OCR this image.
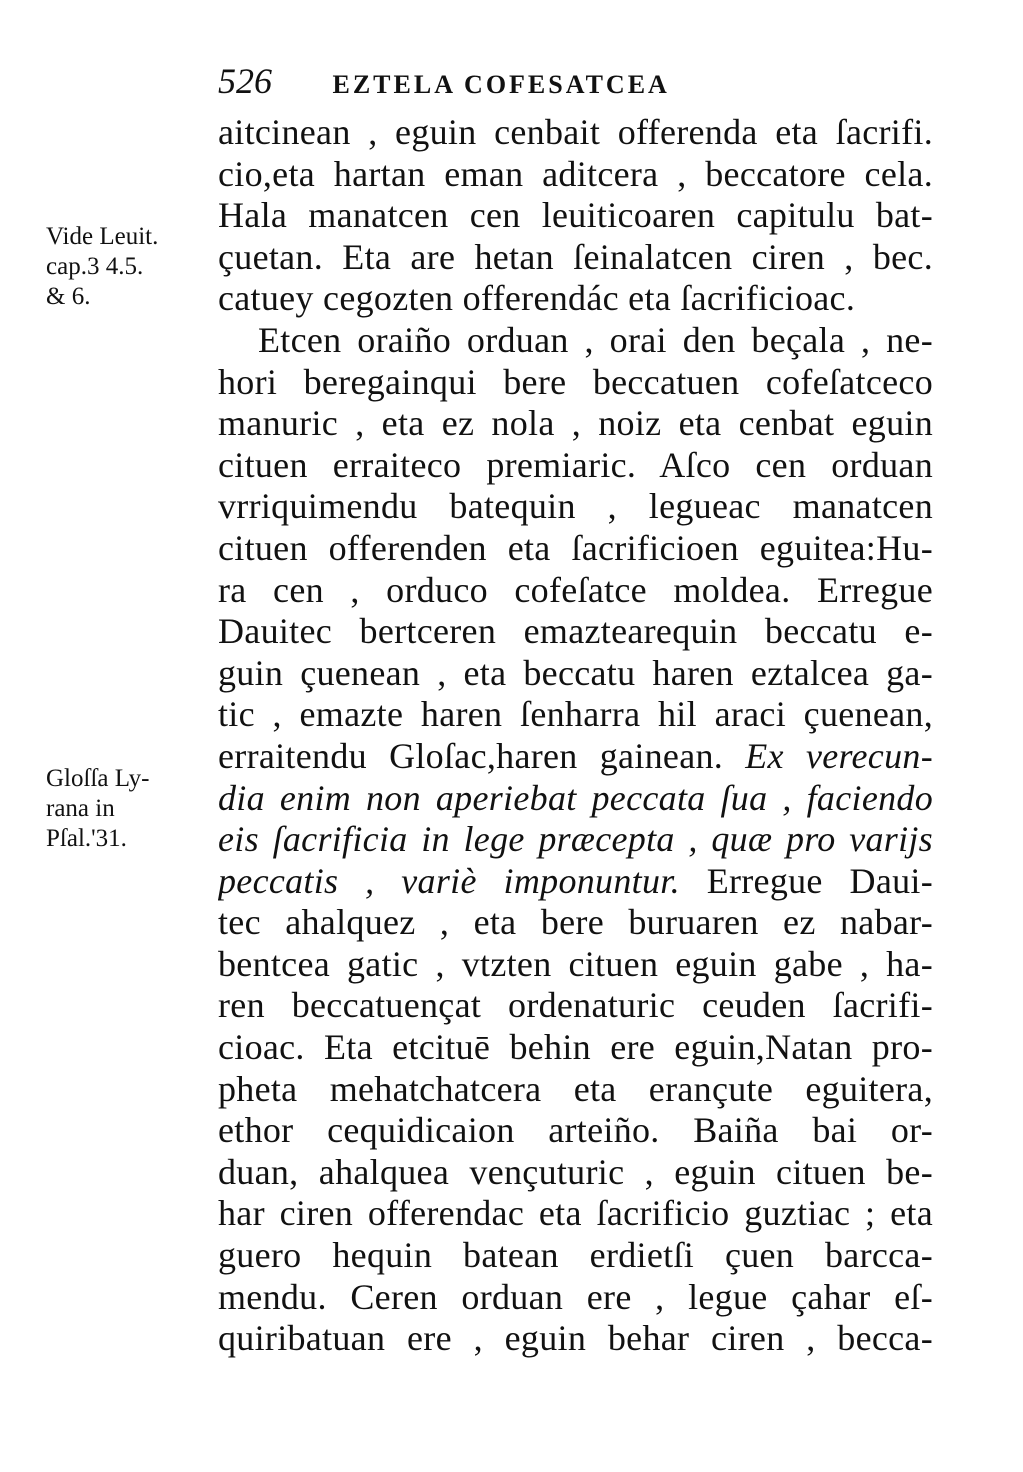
526 EZTELA COFESATCEA
Vide Leuit.
cap.3 4.5.
& 6.
Gloſſa Ly-
rana in
Pſal.'31.
aitcinean , eguin cenbait offerenda eta ſacrifi.
cio,eta hartan eman aditcera , beccatore cela.
Hala manatcen cen leuiticoaren capitulu bat-
çuetan. Eta are hetan ſeinalatcen ciren , bec.
catuey cegozten offerendác eta ſacrificioac.
Etcen oraiño orduan , orai den beçala , ne-
hori beregainqui bere beccatuen cofeſatceco
manuric , eta ez nola , noiz eta cenbat eguin
cituen erraiteco premiaric. Aſco cen orduan
vrriquimendu batequin , legueac manatcen
cituen offerenden eta ſacrificioen eguitea:Hu-
ra cen , orduco cofeſatce moldea. Erregue
Dauitec bertceren emaztearequin beccatu e-
guin çuenean , eta beccatu haren eztalcea ga-
tic , emazte haren ſenharra hil araci çuenean,
erraitendu Gloſac,haren gainean. Ex verecun-
dia enim non aperiebat peccata ſua , faciendo
eis ſacrificia in lege præcepta , quæ pro varijs
peccatis , variè imponuntur. Erregue Daui-
tec ahalquez , eta bere buruaren ez nabar-
bentcea gatic , vtzten cituen eguin gabe , ha-
ren beccatuençat ordenaturic ceuden ſacrifi-
cioac. Eta etcituē behin ere eguin,Natan pro-
pheta mehatchatcera eta erançute eguitera,
ethor cequidicaion arteiño. Baiña bai or-
duan, ahalquea vençuturic , eguin cituen be-
har ciren offerendac eta ſacrificio guztiac ; eta
guero hequin batean erdietſi çuen barcca-
mendu. Ceren orduan ere , legue çahar eſ-
quiribatuan ere , eguin behar ciren , becca-
